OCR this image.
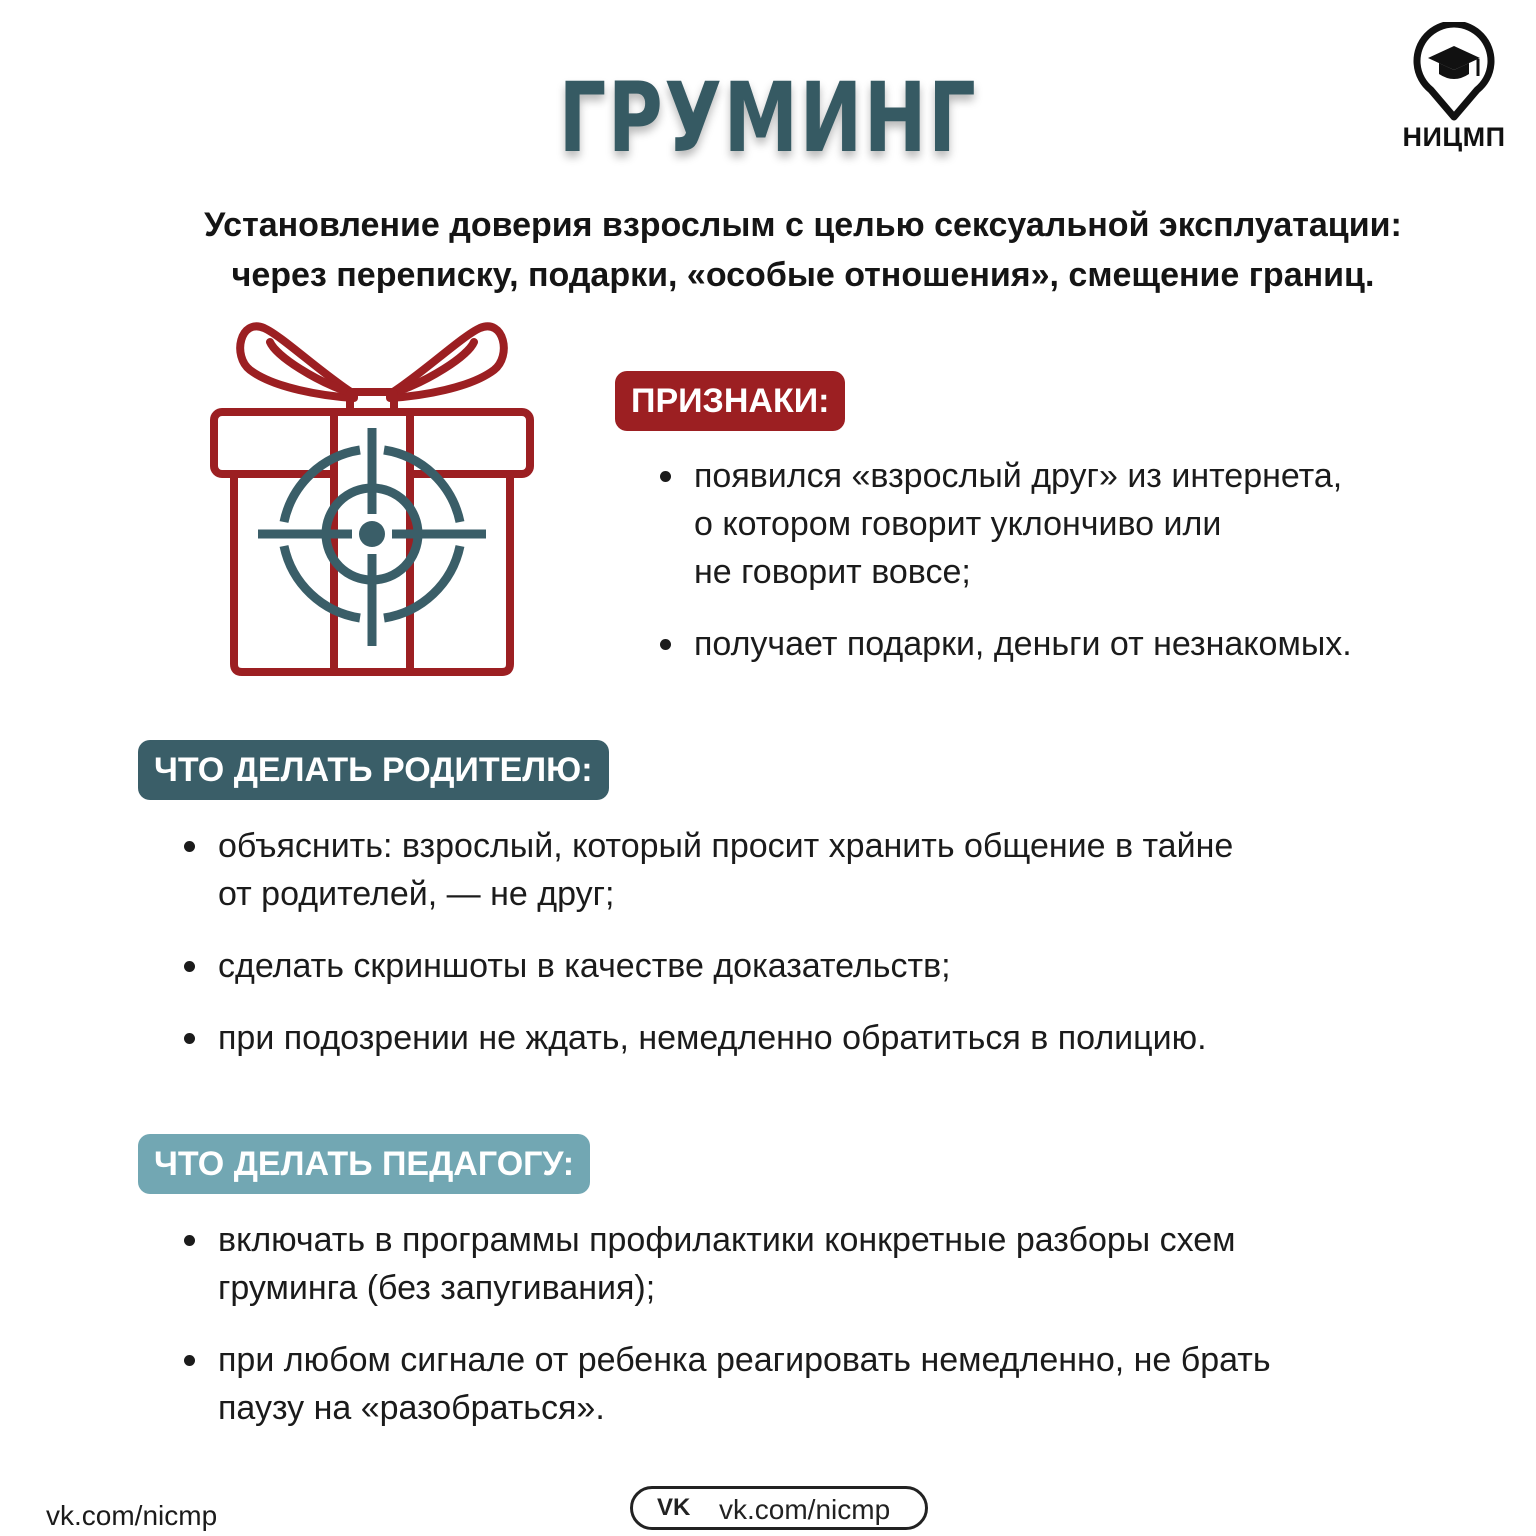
ГРУМИНГ	НИЦМП
Установление доверия взрослым с целью сексуальной эксплуатации:
через переписку, подарки, «особые отношения», смещение границ.
ПРИЗНАКИ:
появился «взрослый друг» из интернета,
о котором говорит уклончиво или
не говорит вовсе;
получает подарки, деньги от незнакомых.
ЧТО ДЕЛАТЬ РОДИТЕЛЮ:
объяснить: взрослый, который просит хранить общение в тайне
от родителей, — не друг;
сделать скриншоты в качестве доказательств;
при подозрении не ждать, немедленно обратиться в полицию.
ЧТО ДЕЛАТЬ ПЕДАГОГУ:
включать в программы профилактики конкретные разборы схем
груминга (без запугивания);
при любом сигнале от ребенка реагировать немедленно, не брать
паузу на «разобраться».
vk.com/nicmp	VK vk.com/nicmp
